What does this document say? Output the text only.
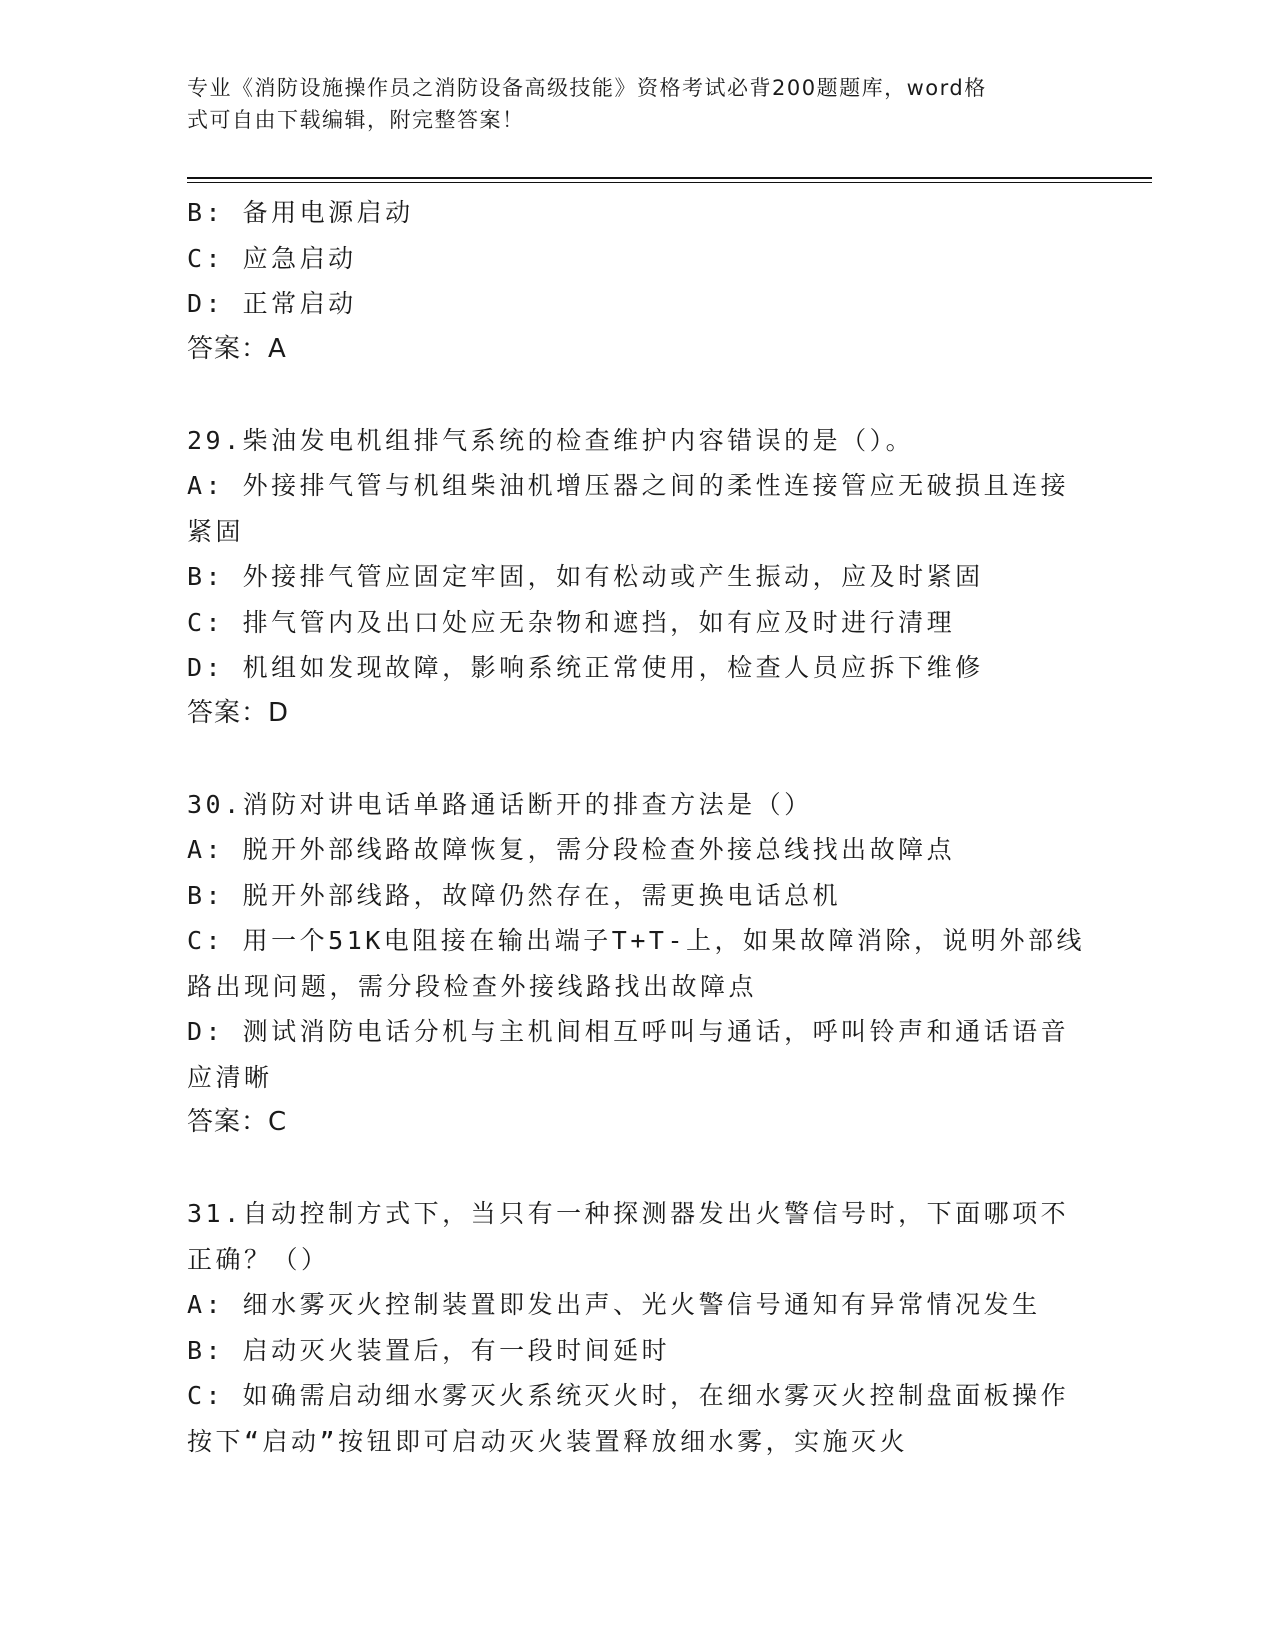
专业《消防设施操作员之消防设备高级技能》资格考试必背200题题库，word格
式可自由下载编辑，附完整答案！
B: 备用电源启动
C: 应急启动
D: 正常启动
答案：A
29.柴油发电机组排气系统的检查维护内容错误的是（）。
A: 外接排气管与机组柴油机增压器之间的柔性连接管应无破损且连接
紧固
B: 外接排气管应固定牢固，如有松动或产生振动，应及时紧固
C: 排气管内及出口处应无杂物和遮挡，如有应及时进行清理
D: 机组如发现故障，影响系统正常使用，检查人员应拆下维修
答案：D
30.消防对讲电话单路通话断开的排查方法是（）
A: 脱开外部线路故障恢复，需分段检查外接总线找出故障点
B: 脱开外部线路，故障仍然存在，需更换电话总机
C: 用一个51K电阻接在输出端子T+T-上，如果故障消除，说明外部线
路出现问题，需分段检查外接线路找出故障点
D: 测试消防电话分机与主机间相互呼叫与通话，呼叫铃声和通话语音
应清晰
答案：C
31.自动控制方式下，当只有一种探测器发出火警信号时，下面哪项不
正确？（）
A: 细水雾灭火控制装置即发出声、光火警信号通知有异常情况发生
B: 启动灭火装置后，有一段时间延时
C: 如确需启动细水雾灭火系统灭火时，在细水雾灭火控制盘面板操作
按下“启动”按钮即可启动灭火装置释放细水雾，实施灭火
